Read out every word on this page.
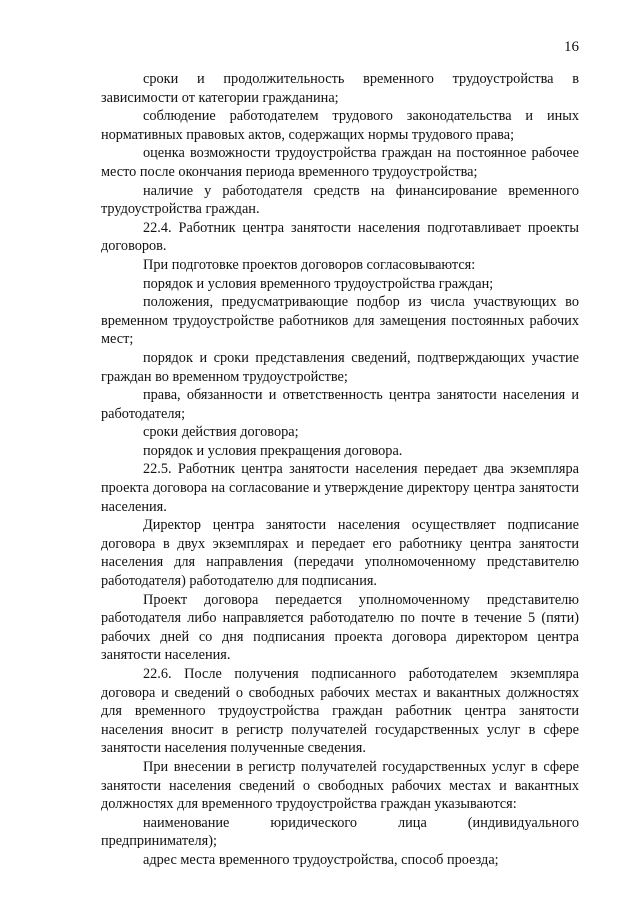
16

сроки и продолжительность временного трудоустройства в зависимости от категории гражданина;

соблюдение работодателем трудового законодательства и иных нормативных правовых актов, содержащих нормы трудового права;

оценка возможности трудоустройства граждан на постоянное рабочее место после окончания периода временного трудоустройства;

наличие у работодателя средств на финансирование временного трудоустройства граждан.

22.4. Работник центра занятости населения подготавливает проекты договоров.

При подготовке проектов договоров согласовываются:

порядок и условия временного трудоустройства граждан;

положения, предусматривающие подбор из числа участвующих во временном трудоустройстве работников для замещения постоянных рабочих мест;

порядок и сроки представления сведений, подтверждающих участие граждан во временном трудоустройстве;

права, обязанности и ответственность центра занятости населения и работодателя;

сроки действия договора;

порядок и условия прекращения договора.

22.5. Работник центра занятости населения передает два экземпляра проекта договора на согласование и утверждение директору центра занятости населения.

Директор центра занятости населения осуществляет подписание договора в двух экземплярах и передает его работнику центра занятости населения для направления (передачи уполномоченному представителю работодателя) работодателю для подписания.

Проект договора передается уполномоченному представителю работодателя либо направляется работодателю по почте в течение 5 (пяти) рабочих дней со дня подписания проекта договора директором центра занятости населения.

22.6. После получения подписанного работодателем экземпляра договора и сведений о свободных рабочих местах и вакантных должностях для временного трудоустройства граждан работник центра занятости населения вносит в регистр получателей государственных услуг в сфере занятости населения полученные сведения.

При внесении в регистр получателей государственных услуг в сфере занятости населения сведений о свободных рабочих местах и вакантных должностях для временного трудоустройства граждан указываются:

наименование юридического лица (индивидуального предпринимателя);

адрес места временного трудоустройства, способ проезда;
